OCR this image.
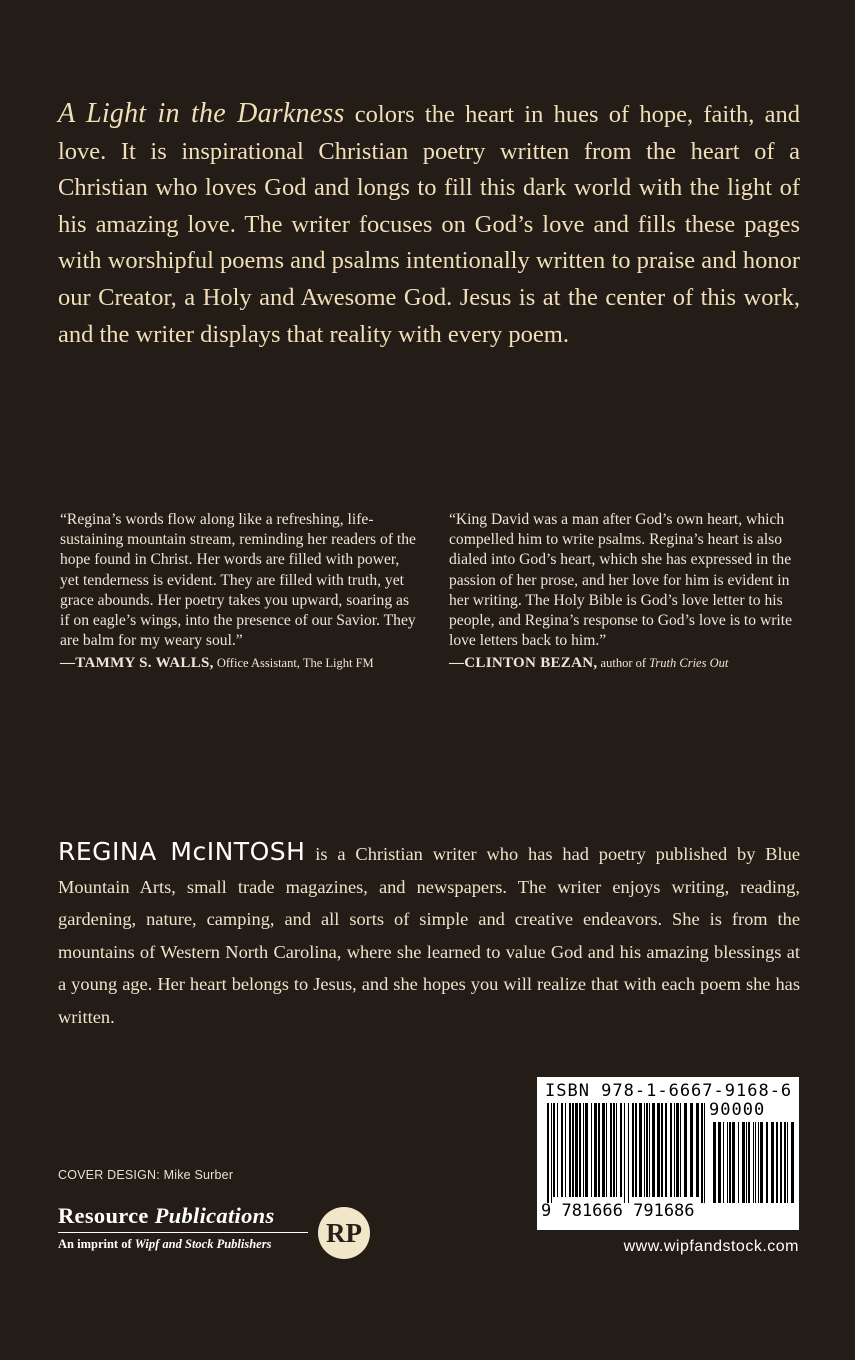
A Light in the Darkness colors the heart in hues of hope, faith, and love. It is inspirational Christian poetry written from the heart of a Christian who loves God and longs to fill this dark world with the light of his amazing love. The writer focuses on God’s love and fills these pages with worshipful poems and psalms intentionally written to praise and honor our Creator, a Holy and Awesome God. Jesus is at the center of this work, and the writer displays that reality with every poem.

“Regina’s words flow along like a refreshing, life-sustaining mountain stream, reminding her readers of the hope found in Christ. Her words are filled with power, yet tenderness is evident. They are filled with truth, yet grace abounds. Her poetry takes you upward, soaring as if on eagle’s wings, into the presence of our Savior. They are balm for my weary soul.”

—TAMMY S. WALLS, Office Assistant, The Light FM

“King David was a man after God’s own heart, which compelled him to write psalms. Regina’s heart is also dialed into God’s heart, which she has expressed in the passion of her prose, and her love for him is evident in her writing. The Holy Bible is God’s love letter to his people, and Regina’s response to God’s love is to write love letters back to him.”

—CLINTON BEZAN, author of Truth Cries Out

REGINA McINTOSH is a Christian writer who has had poetry published by Blue Mountain Arts, small trade magazines, and newspapers. The writer enjoys writing, reading, gardening, nature, camping, and all sorts of simple and creative endeavors. She is from the mountains of Western North Carolina, where she learned to value God and his amazing blessings at a young age. Her heart belongs to Jesus, and she hopes you will realize that with each poem she has written.

COVER DESIGN: Mike Surber
Resource Publications
An imprint of Wipf and Stock Publishers	RP
ISBN 978-1-6667-9168-6
90000
9 781666 791686
www.wipfandstock.com
